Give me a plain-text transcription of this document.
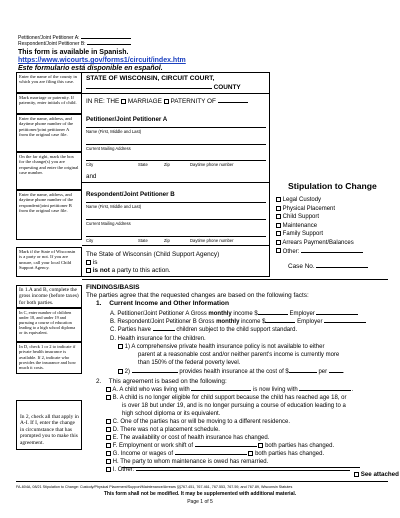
Petitioner/Joint Petitioner A:
Respondent/Joint Petitioner B:
This form is available in Spanish.
https://www.wicourts.gov/forms1/circuit/index.htm
Este formulario está disponible en español.
Enter the name of the county in which you are filing this case.
Mark marriage or paternity. If paternity, enter initials of child.
Enter the name, address, and daytime phone number of the petitioner/joint petitioner A from the original case file.
On the far right, mark the box for the change(s) you are requesting and enter the original case number.
Enter the name, address, and daytime phone number of the respondent/joint petitioner B from the original case file.
Mark if the State of Wisconsin is a party or not. If you are unsure, call your local Child Support Agency.
STATE OF WISCONSIN, CIRCUIT COURT,
COUNTY
IN RE: THE MARRIAGE PATERNITY OF
Petitioner/Joint Petitioner A
Name (First, Middle and Last)
Current Mailing Address
City	State	Zip	Daytime phone number
and
Respondent/Joint Petitioner B
Name (First, Middle and Last)
Current Mailing Address
City	State	Zip	Daytime phone number
The State of Wisconsin (Child Support Agency)
is
is not a party to this action.
Stipulation to Change
Legal Custody
Physical Placement
Child Support
Maintenance
Family Support
Arrears Payment/Balances
Other:
Case No.
In 1.A and B, complete the gross income (before taxes) for both parties.
In C, enter number of children under 18, and under 19 and pursuing a course of education leading to a high school diploma or its equivalent.
In D, check 1 or 2 to indicate if private health insurance is available. If 2, indicate who provides the insurance and how much it costs.
In 2, check all that apply in A-I. If I, enter the change in circumstance that has prompted you to make this agreement.
FINDINGS/BASIS
The parties agree that the requested changes are based on the following facts:
1. Current Income and Other Information
A. Petitioner/Joint Petitioner A Gross monthly income $	Employer
B. Respondent/Joint Petitioner B Gross monthly income $	Employer
C. Parties have	children subject to the child support standard.
D. Health insurance for the children.
1) A comprehensive private health insurance policy is not available to either
parent at a reasonable cost and/or neither parent's income is currently more
than 150% of the federal poverty level.
2)	provides health insurance at the cost of $	per	.
2. This agreement is based on the following:
A. A child who was living with	is now living with	.
B. A child is no longer eligible for child support because the child has reached age 18, or
is over 18 but under 19, and is no longer pursuing a course of education leading to a
high school diploma or its equivalent.
C. One of the parties has or will be moving to a different residence.
D. There was not a placement schedule.
E. The availability or cost of health insurance has changed.
F. Employment or work shift of	both parties has changed.
G. Income or wages of	both parties has changed.
H. The party to whom maintenance is owed has remarried.
I. Other:
See attached
FA-604A, 08/21 Stipulation to Change: Custody/Physical Placement/Support/Maintenance/Arrears §§767.451, 767.461, 767.553, 767.59, and 767.89, Wisconsin Statutes
This form shall not be modified. It may be supplemented with additional material.
Page 1 of 5
